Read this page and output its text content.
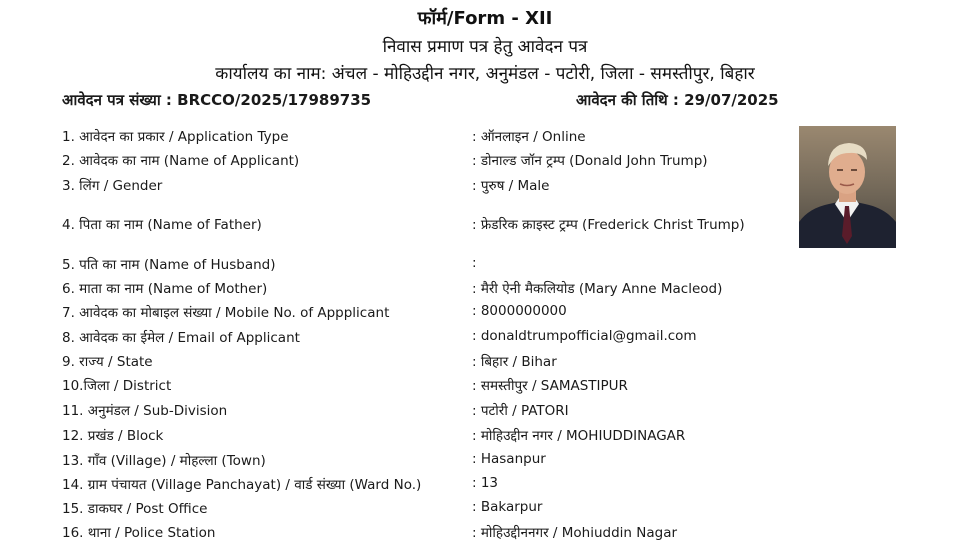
फॉर्म/Form - XII
निवास प्रमाण पत्र हेतु आवेदन पत्र
कार्यालय का नाम: अंचल - मोहिउद्दीन नगर, अनुमंडल - पटोरी, जिला - समस्तीपुर, बिहार
आवेदन पत्र संख्या : BRCCO/2025/17989735	आवेदन की तिथि : 29/07/2025
1. आवेदन का प्रकार / Application Type	: ऑनलाइन / Online
2. आवेदक का नाम (Name of Applicant)	: डोनाल्ड जॉन ट्रम्प (Donald John Trump)
3. लिंग / Gender	: पुरुष / Male
4. पिता का नाम (Name of Father)	: फ्रेडरिक क्राइस्ट ट्रम्प (Frederick Christ Trump)
5. पति का नाम (Name of Husband)	:
6. माता का नाम (Name of Mother)	: मैरी ऐनी मैकलियोड (Mary Anne Macleod)
7. आवेदक का मोबाइल संख्या / Mobile No. of Appplicant	: 8000000000
8. आवेदक का ईमेल / Email of Applicant	: donaldtrumpofficial@gmail.com
9. राज्य / State	: बिहार / Bihar
10.जिला / District	: समस्तीपुर / SAMASTIPUR
11. अनुमंडल / Sub-Division	: पटोरी / PATORI
12. प्रखंड / Block	: मोहिउद्दीन नगर / MOHIUDDINAGAR
13. गाँव (Village) / मोहल्ला (Town)	: Hasanpur
14. ग्राम पंचायत (Village Panchayat) / वार्ड संख्या (Ward No.)	: 13
15. डाकघर / Post Office	: Bakarpur
16. थाना / Police Station	: मोहिउद्दीननगर / Mohiuddin Nagar
